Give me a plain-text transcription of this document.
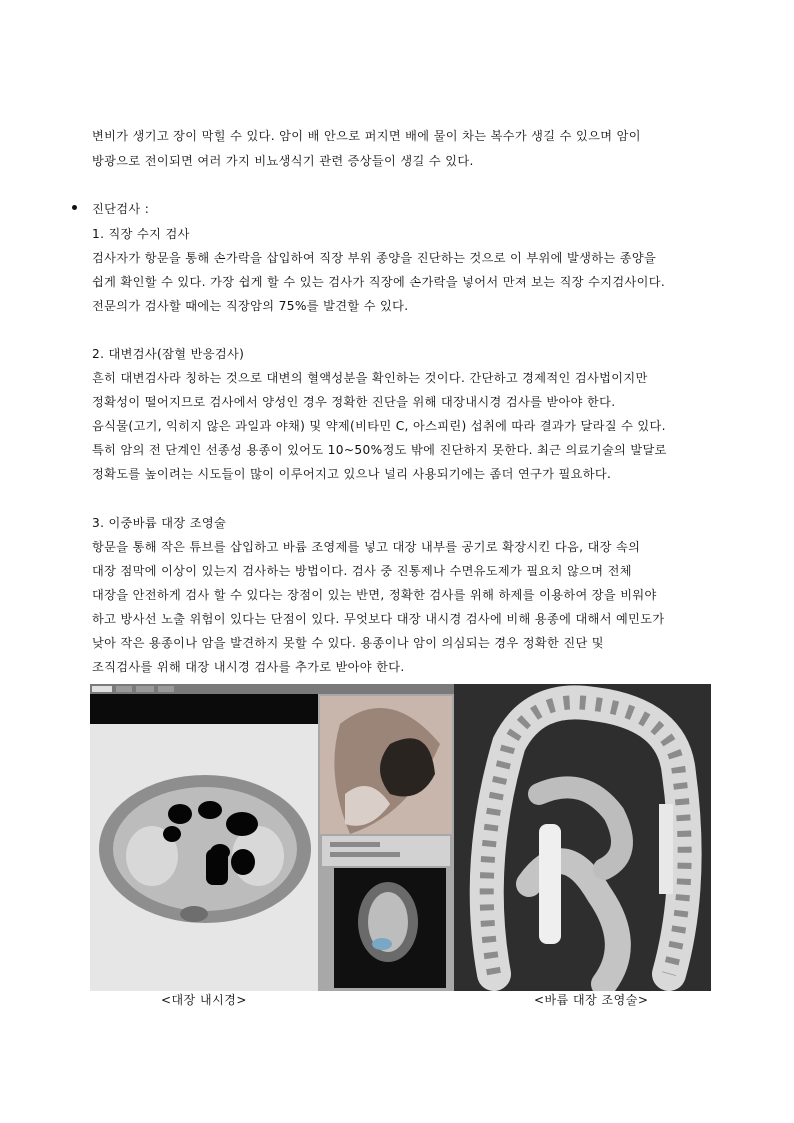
변비가 생기고 장이 막힐 수 있다. 암이 배 안으로 퍼지면 배에 물이 차는 복수가 생길 수 있으며 암이
방광으로 전이되면 여러 가지 비뇨생식기 관련 증상들이 생길 수 있다.
진단검사 :
1. 직장 수지 검사
검사자가 항문을 통해 손가락을 삽입하여 직장 부위 종양을 진단하는 것으로 이 부위에 발생하는 종양을
쉽게 확인할 수 있다. 가장 쉽게 할 수 있는 검사가 직장에 손가락을 넣어서 만져 보는 직장 수지검사이다.
전문의가 검사할 때에는 직장암의 75%를 발견할 수 있다.
2. 대변검사(잠혈 반응검사)
흔히 대변검사라 칭하는 것으로 대변의 혈액성분을 확인하는 것이다. 간단하고 경제적인 검사법이지만
정확성이 떨어지므로 검사에서 양성인 경우 정확한 진단을 위해 대장내시경 검사를 받아야 한다.
음식물(고기, 익히지 않은 과일과 야채) 및 약제(비타민 C, 아스피린) 섭취에 따라 결과가 달라질 수 있다.
특히 암의 전 단계인 선종성 용종이 있어도 10~50%정도 밖에 진단하지 못한다. 최근 의료기술의 발달로
정확도를 높이려는 시도들이 많이 이루어지고 있으나 널리 사용되기에는 좀더 연구가 필요하다.
3. 이중바륨 대장 조영술
항문을 통해 작은 튜브를 삽입하고 바륨 조영제를 넣고 대장 내부를 공기로 확장시킨 다음, 대장 속의
대장 점막에 이상이 있는지 검사하는 방법이다. 검사 중 진통제나 수면유도제가 필요치 않으며 전체
대장을 안전하게 검사 할 수 있다는 장점이 있는 반면, 정확한 검사를 위해 하제를 이용하여 장을 비워야
하고 방사선 노출 위험이 있다는 단점이 있다. 무엇보다 대장 내시경 검사에 비해 용종에 대해서 예민도가
낮아 작은 용종이나 암을 발견하지 못할 수 있다. 용종이나 암이 의심되는 경우 정확한 진단 및
조직검사를 위해 대장 내시경 검사를 추가로 받아야 한다.
<대장 내시경>	<바륨 대장 조영술>
